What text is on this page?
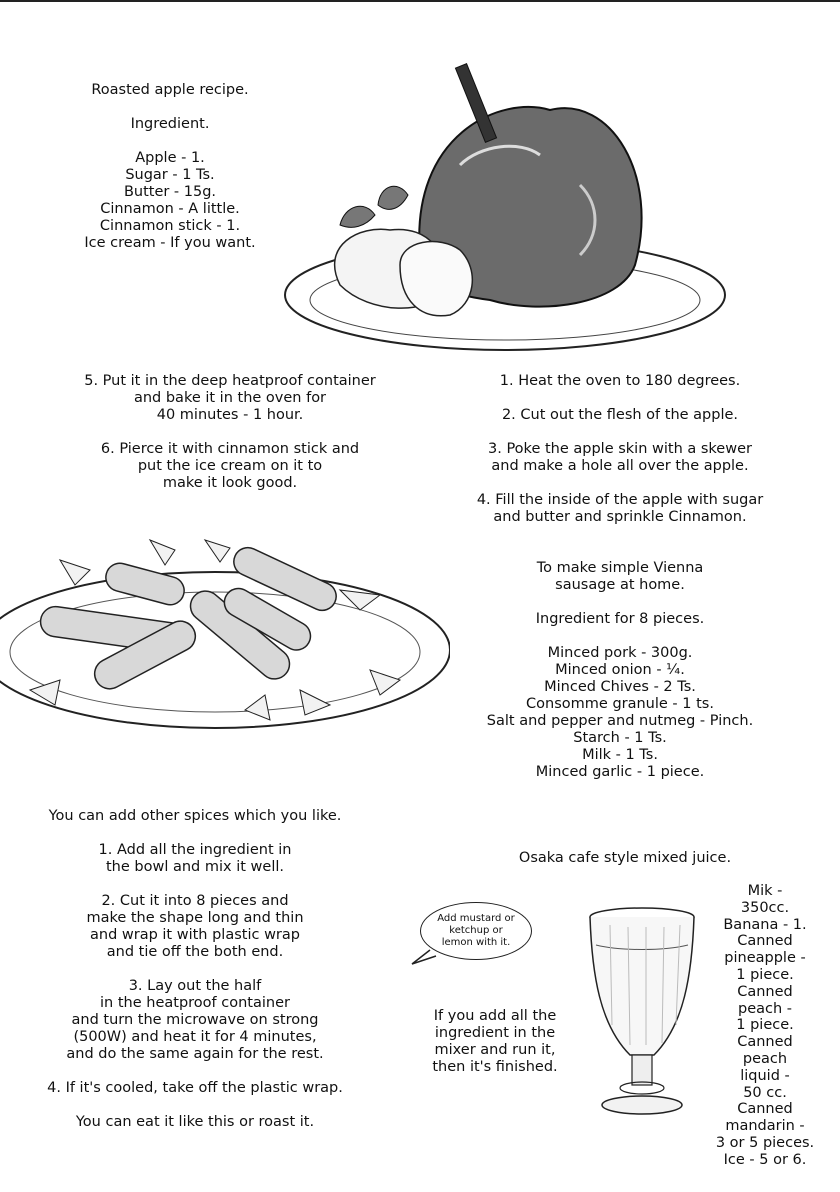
Roasted apple recipe.
Ingredient.
Apple - 1.
Sugar - 1 Ts.
Butter - 15g.
Cinnamon - A little.
Cinnamon stick - 1.
Ice cream - If you want.
5. Put it in the deep heatproof container
and bake it in the oven for
40 minutes - 1 hour.
6. Pierce it with cinnamon stick and
put the ice cream on it to
make it look good.
1. Heat the oven to 180 degrees.
2. Cut out the flesh of the apple.
3. Poke the apple skin with a skewer
and make a hole all over the apple.
4. Fill the inside of the apple with sugar
and butter and sprinkle Cinnamon.
To make simple Vienna
sausage at home.
Ingredient for 8 pieces.
Minced pork - 300g.
Minced onion - ¼.
Minced Chives - 2 Ts.
Consomme granule - 1 ts.
Salt and pepper and nutmeg - Pinch.
Starch - 1 Ts.
Milk - 1 Ts.
Minced garlic - 1 piece.
You can add other spices which you like.
1. Add all the ingredient in
the bowl and mix it well.
2. Cut it into 8 pieces and
make the shape long and thin
and wrap it with plastic wrap
and tie off the both end.
3. Lay out the half
in the heatproof container
and turn the microwave on strong
(500W) and heat it for 4 minutes,
and do the same again for the rest.
4. If it's cooled, take off the plastic wrap.
You can eat it like this or roast it.
Osaka cafe style mixed juice.
Add mustard or
ketchup or
lemon with it.
If you add all the
ingredient in the
mixer and run it,
then it's finished.
Mik -
350cc.
Banana - 1.
Canned
pineapple -
1 piece.
Canned
peach -
1 piece.
Canned
peach
liquid -
50 cc.
Canned
mandarin -
3 or 5 pieces.
Ice - 5 or 6.
